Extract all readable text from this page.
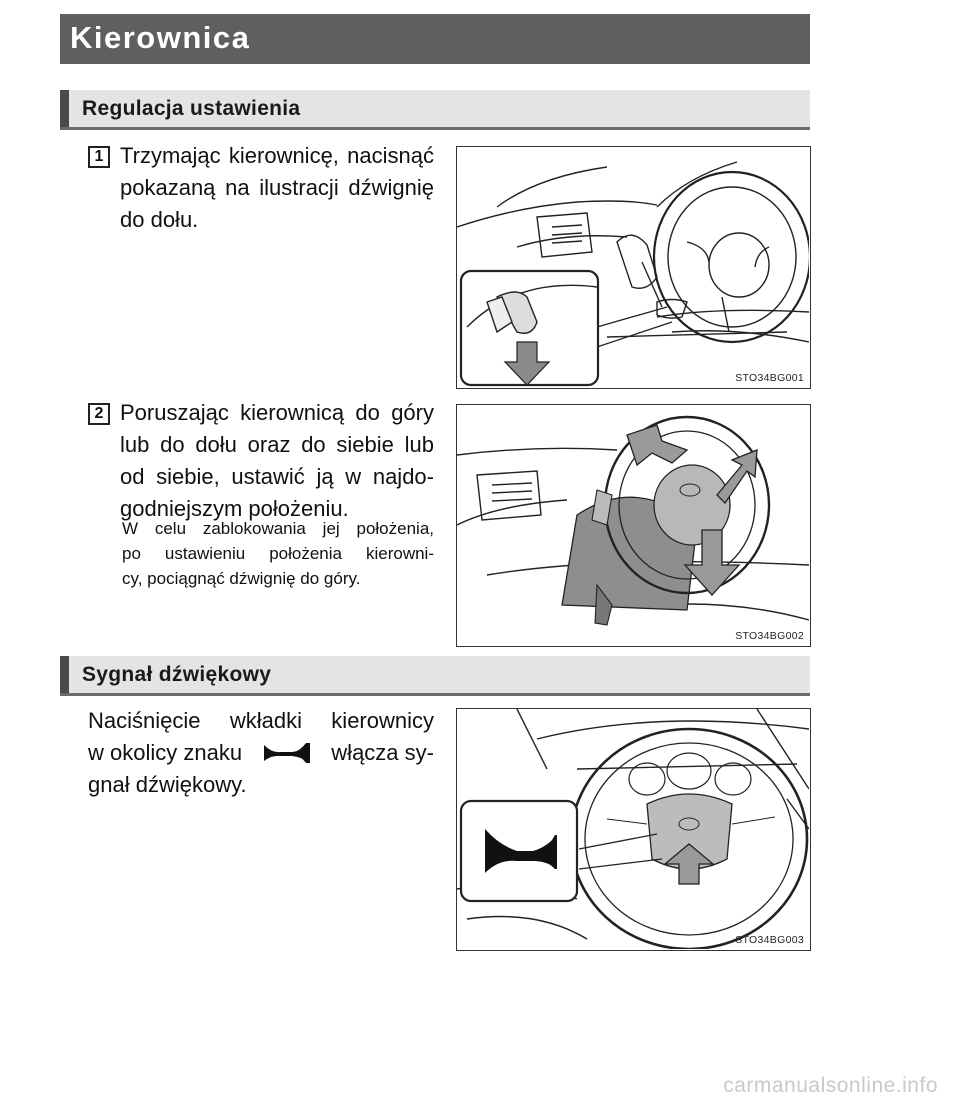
Kierownica
Regulacja ustawienia
1 Trzymając kierownicę, nacisnąć
pokazaną na ilustracji dźwignię
do dołu.
STO34BG001
2 Poruszając kierownicą do góry
lub do dołu oraz do siebie lub
od siebie, ustawić ją w najdo-
godniejszym położeniu.
W celu zablokowania jej położenia,
po ustawieniu położenia kierowni-
cy, pociągnąć dźwignię do góry.
STO34BG002
Sygnał dźwiękowy
Naciśnięcie wkładki kierownicy
w okolicy znaku	włącza sy-
gnał dźwiękowy.
STO34BG003
carmanualsonline.info
